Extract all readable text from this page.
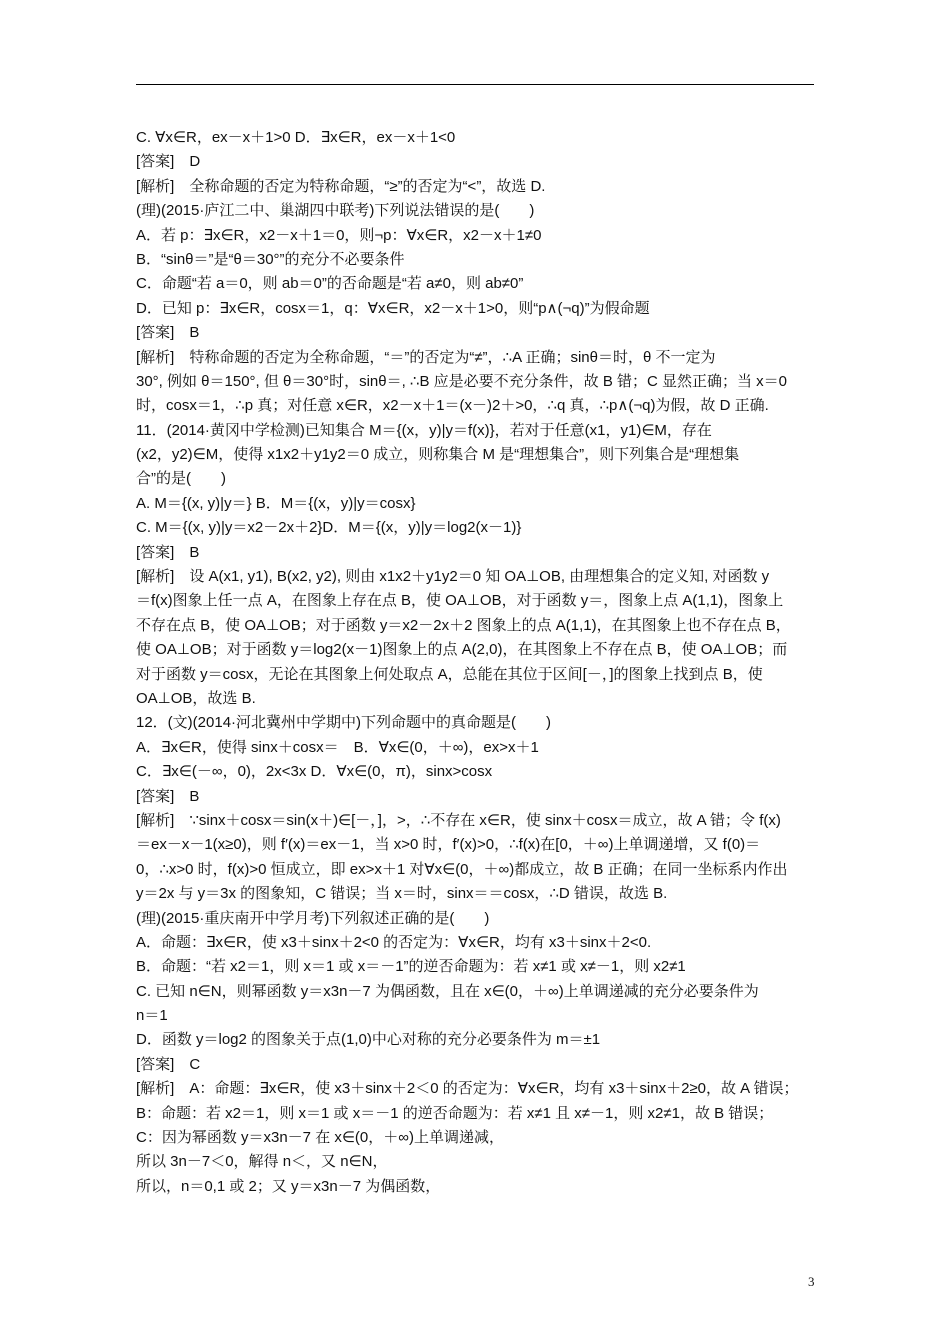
C. ∀x∈R，ex－x＋1>0 D．∃x∈R，ex－x＋1<0
[答案]　D
[解析]　全称命题的否定为特称命题，“≥”的否定为“<”，故选 D.
(理)(2015·庐江二中、巢湖四中联考)下列说法错误的是(　　)
A．若 p：∃x∈R，x2－x＋1＝0，则¬p：∀x∈R，x2－x＋1≠0
B．“sinθ＝”是“θ＝30°”的充分不必要条件
C．命题“若 a＝0，则 ab＝0”的否命题是“若 a≠0，则 ab≠0”
D．已知 p：∃x∈R，cosx＝1，q：∀x∈R，x2－x＋1>0，则“p∧(¬q)”为假命题
[答案]　B
[解析]　特称命题的否定为全称命题，“＝”的否定为“≠”，∴A 正确；sinθ＝时，θ 不一定为
30°, 例如 θ＝150°, 但 θ＝30°时，sinθ＝, ∴B 应是必要不充分条件，故 B 错；C 显然正确；当 x＝0
时，cosx＝1，∴p 真；对任意 x∈R，x2－x＋1＝(x－)2＋>0，∴q 真，∴p∧(¬q)为假，故 D 正确.
11．(2014·黄冈中学检测)已知集合 M＝{(x，y)|y＝f(x)}，若对于任意(x1，y1)∈M，存在
(x2，y2)∈M，使得 x1x2＋y1y2＝0 成立，则称集合 M 是“理想集合”，则下列集合是“理想集
合”的是(　　)
A. M＝{(x, y)|y＝} B．M＝{(x，y)|y＝cosx}
C. M＝{(x, y)|y＝x2－2x＋2}D．M＝{(x，y)|y＝log2(x－1)}
[答案]　B
[解析]　设 A(x1, y1), B(x2, y2), 则由 x1x2＋y1y2＝0 知 OA⊥OB, 由理想集合的定义知, 对函数 y
＝f(x)图象上任一点 A，在图象上存在点 B，使 OA⊥OB，对于函数 y＝，图象上点 A(1,1)，图象上
不存在点 B，使 OA⊥OB；对于函数 y＝x2－2x＋2 图象上的点 A(1,1)，在其图象上也不存在点 B，
使 OA⊥OB；对于函数 y＝log2(x－1)图象上的点 A(2,0)，在其图象上不存在点 B，使 OA⊥OB；而
对于函数 y＝cosx，无论在其图象上何处取点 A，总能在其位于区间[－，]的图象上找到点 B，使
OA⊥OB，故选 B.
12．(文)(2014·河北冀州中学期中)下列命题中的真命题是(　　)
A．∃x∈R，使得 sinx＋cosx＝　B．∀x∈(0，＋∞)，ex>x＋1
C．∃x∈(－∞，0)，2x<3x D．∀x∈(0，π)，sinx>cosx
[答案]　B
[解析]　∵sinx＋cosx＝sin(x＋)∈[－，]，>，∴不存在 x∈R，使 sinx＋cosx＝成立，故 A 错；令 f(x)
＝ex－x－1(x≥0)，则 f′(x)＝ex－1，当 x>0 时，f′(x)>0，∴f(x)在[0，＋∞)上单调递增，又 f(0)＝
0，∴x>0 时，f(x)>0 恒成立，即 ex>x＋1 对∀x∈(0，＋∞)都成立，故 B 正确；在同一坐标系内作出
y＝2x 与 y＝3x 的图象知，C 错误；当 x＝时，sinx＝＝cosx，∴D 错误，故选 B.
(理)(2015·重庆南开中学月考)下列叙述正确的是(　　)
A．命题：∃x∈R，使 x3＋sinx＋2<0 的否定为：∀x∈R，均有 x3＋sinx＋2<0.
B．命题：“若 x2＝1，则 x＝1 或 x＝－1”的逆否命题为：若 x≠1 或 x≠－1，则 x2≠1
C. 已知 n∈N，则幂函数 y＝x3n－7 为偶函数，且在 x∈(0，＋∞)上单调递减的充分必要条件为
n＝1
D．函数 y＝log2 的图象关于点(1,0)中心对称的充分必要条件为 m＝±1
[答案]　C
[解析]　A：命题：∃x∈R，使 x3＋sinx＋2＜0 的否定为：∀x∈R，均有 x3＋sinx＋2≥0，故 A 错误；
B：命题：若 x2＝1，则 x＝1 或 x＝－1 的逆否命题为：若 x≠1 且 x≠－1，则 x2≠1，故 B 错误；
C：因为幂函数 y＝x3n－7 在 x∈(0，＋∞)上单调递减，
所以 3n－7＜0，解得 n＜，又 n∈N，
所以，n＝0,1 或 2；又 y＝x3n－7 为偶函数，
3
